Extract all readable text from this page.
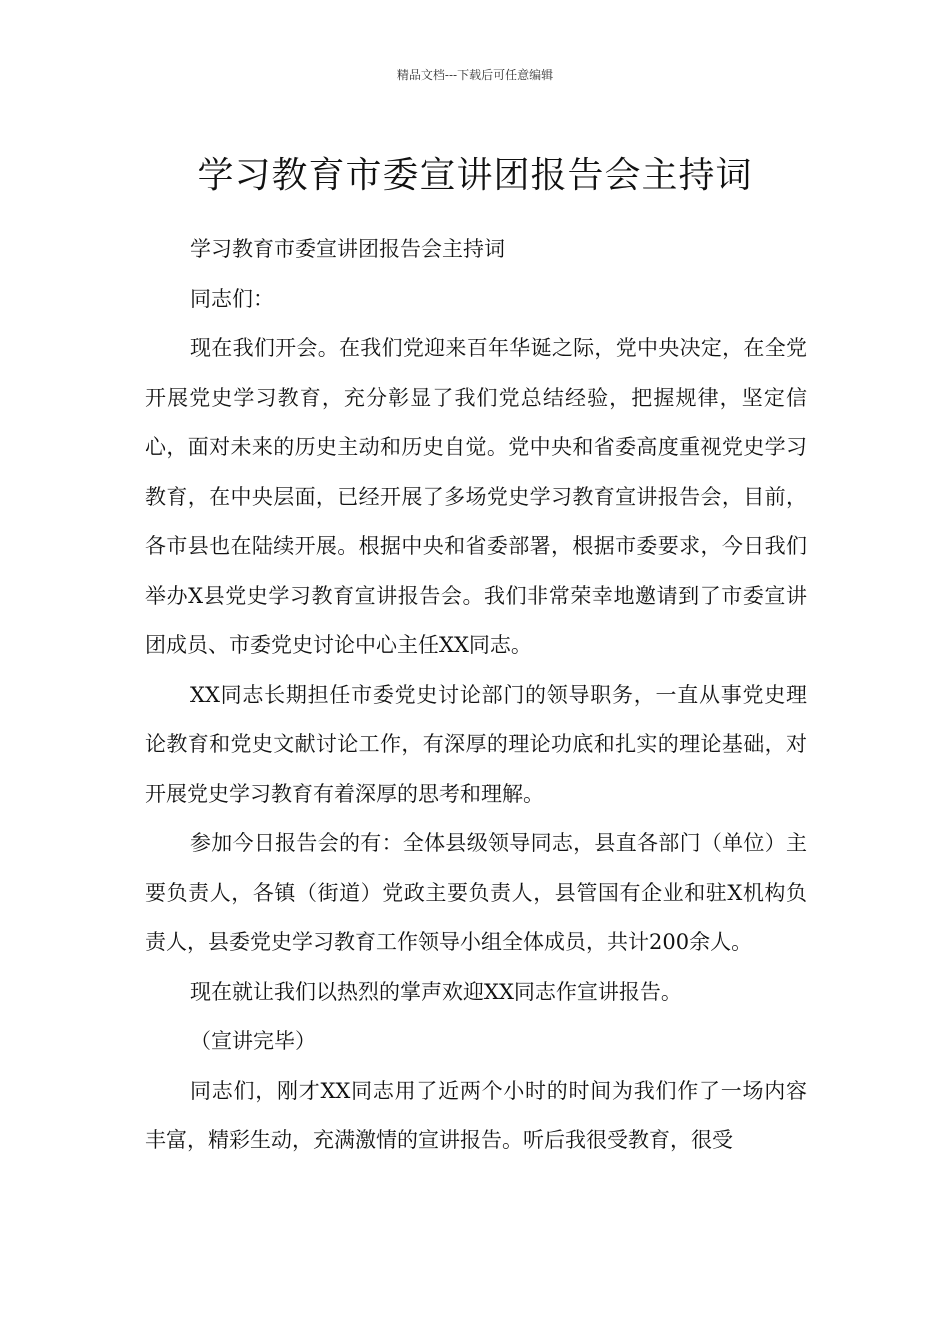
精品文档---下载后可任意编辑
学习教育市委宣讲团报告会主持词

学习教育市委宣讲团报告会主持词

同志们：

现在我们开会。在我们党迎来百年华诞之际，党中央决定，在全党开展党史学习教育，充分彰显了我们党总结经验，把握规律，坚定信心，面对未来的历史主动和历史自觉。党中央和省委高度重视党史学习教育，在中央层面，已经开展了多场党史学习教育宣讲报告会，目前，各市县也在陆续开展。根据中央和省委部署，根据市委要求，今日我们举办X县党史学习教育宣讲报告会。我们非常荣幸地邀请到了市委宣讲团成员、市委党史讨论中心主任XX同志。

XX同志长期担任市委党史讨论部门的领导职务，一直从事党史理论教育和党史文献讨论工作，有深厚的理论功底和扎实的理论基础，对开展党史学习教育有着深厚的思考和理解。

参加今日报告会的有：全体县级领导同志，县直各部门（单位）主要负责人，各镇（街道）党政主要负责人，县管国有企业和驻X机构负责人，县委党史学习教育工作领导小组全体成员，共计200余人。

现在就让我们以热烈的掌声欢迎XX同志作宣讲报告。

（宣讲完毕）

同志们，刚才XX同志用了近两个小时的时间为我们作了一场内容丰富，精彩生动，充满激情的宣讲报告。听后我很受教育，很受
